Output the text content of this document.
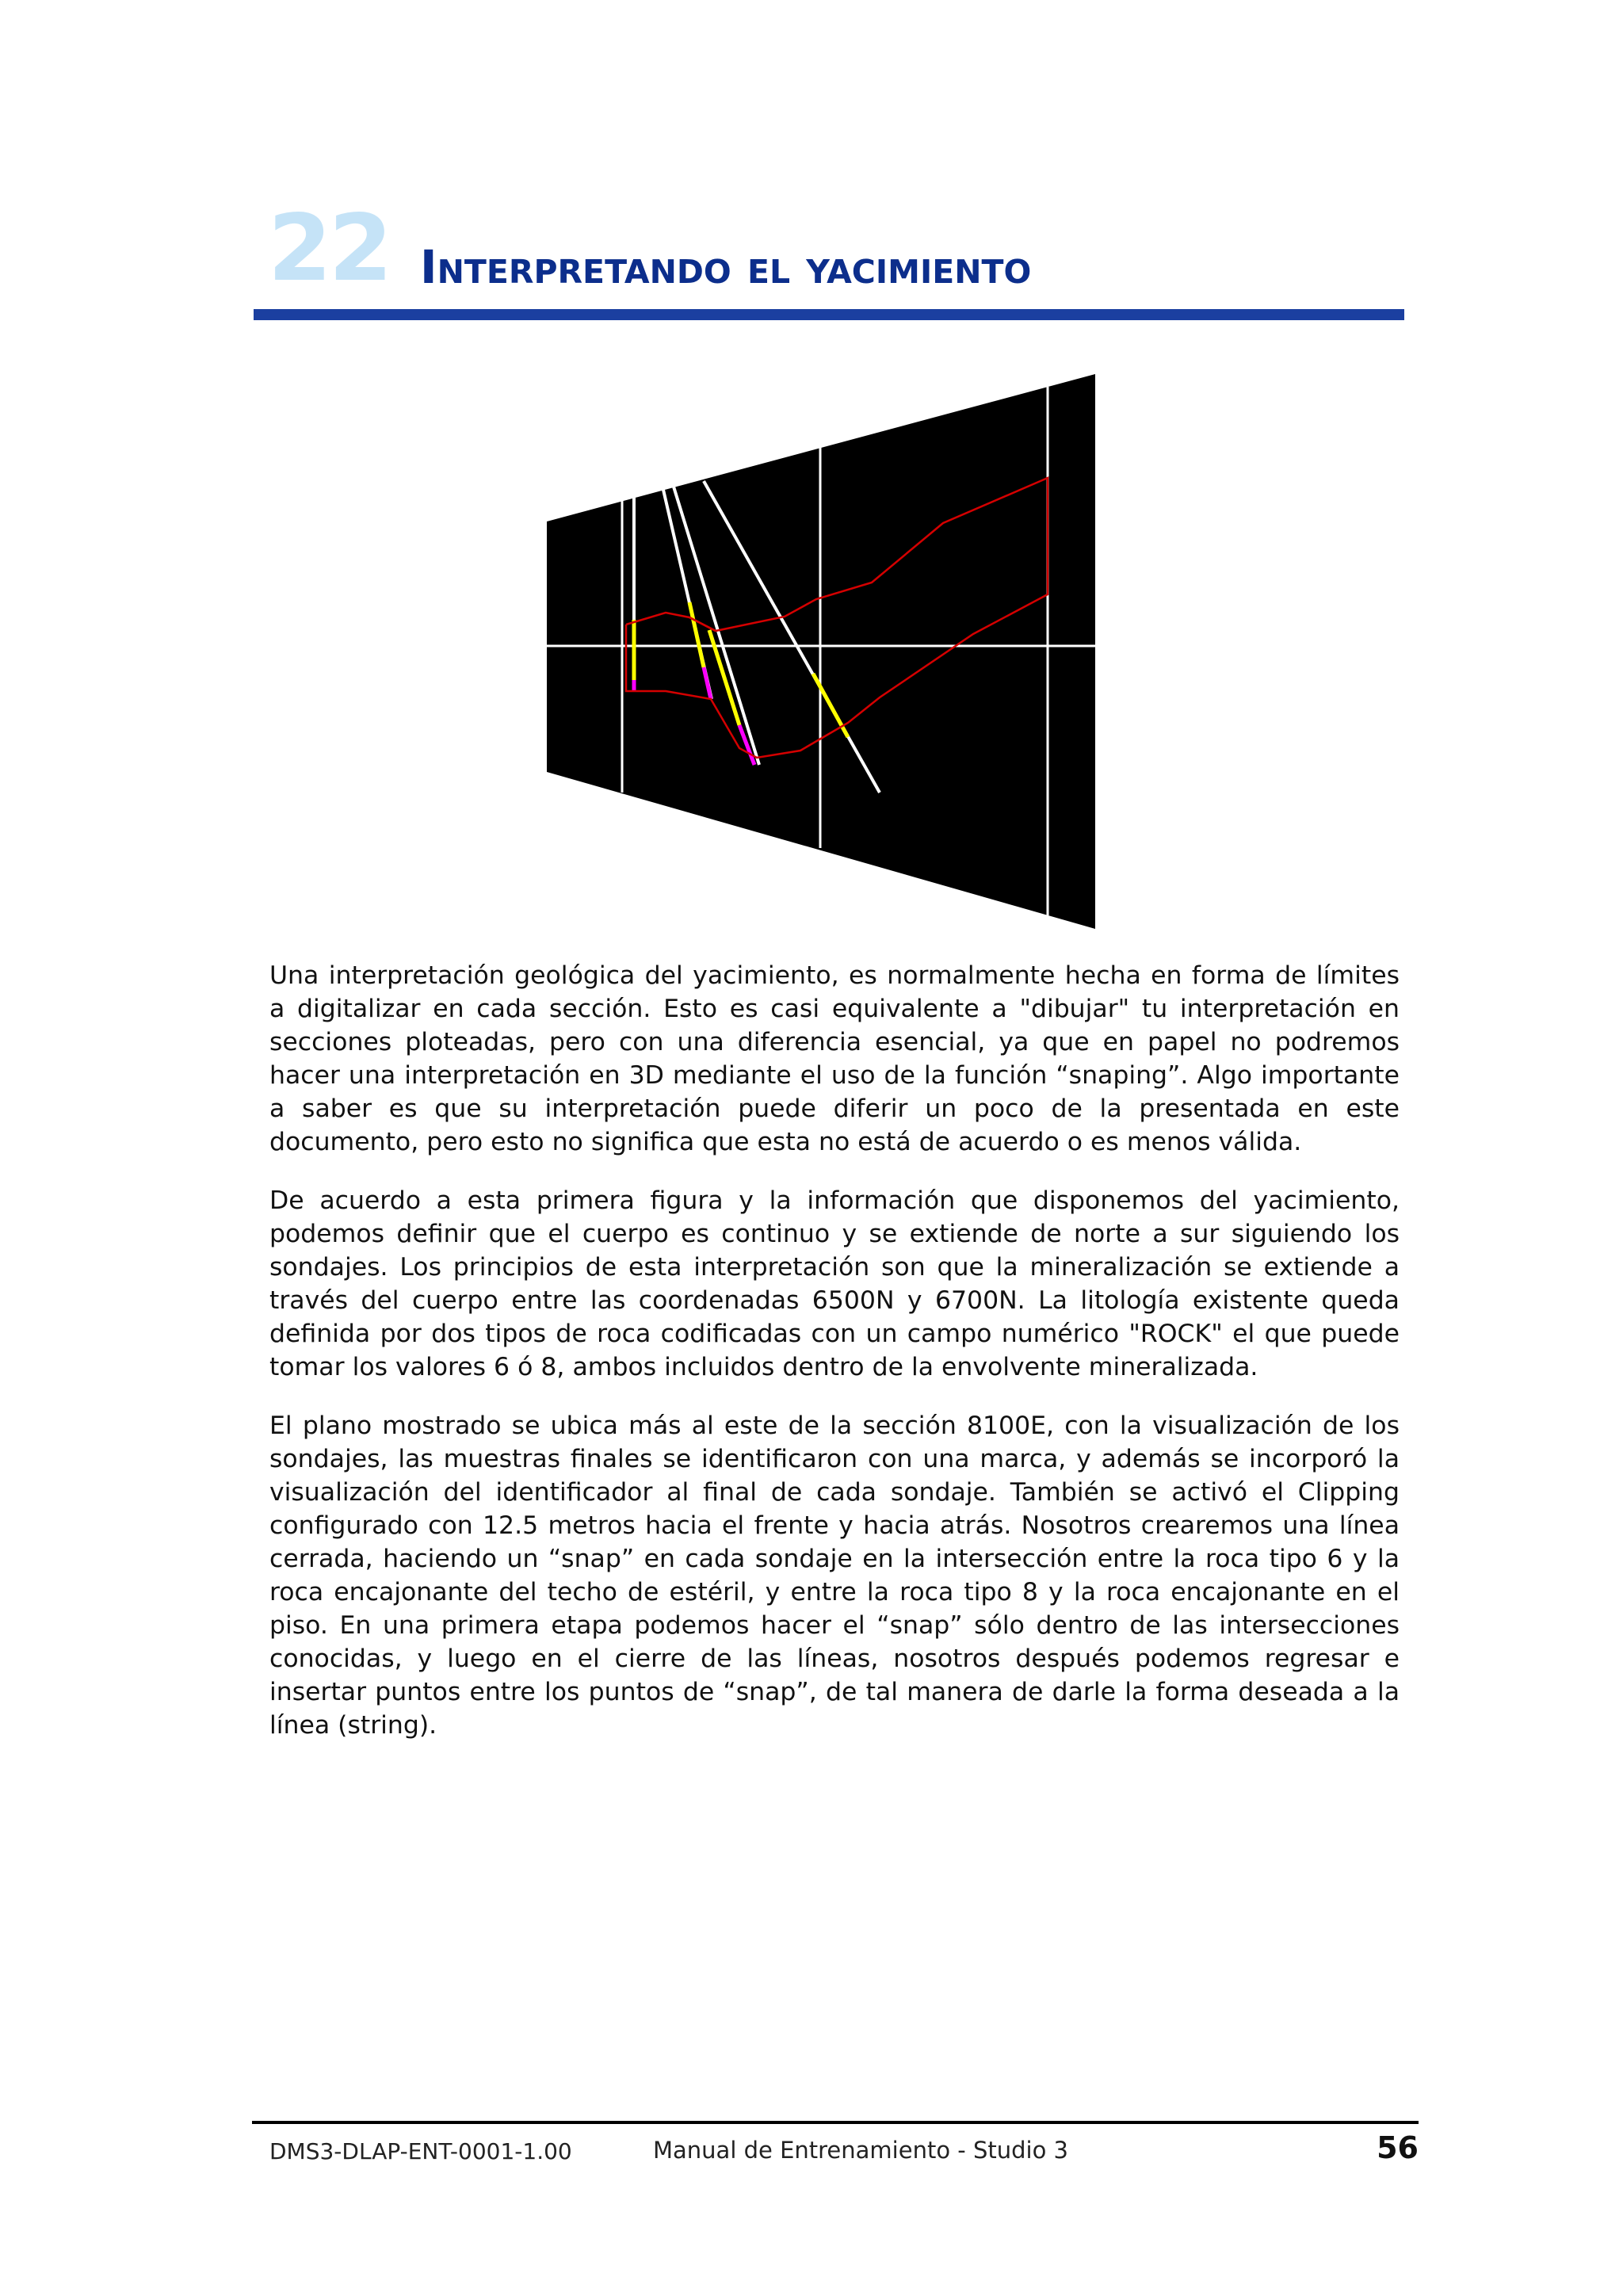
22 Interpretando el yacimiento

Una interpretación geológica del yacimiento, es normalmente hecha en forma de límites a digitalizar en cada sección. Esto es casi equivalente a "dibujar" tu interpretación en secciones ploteadas, pero con una diferencia esencial, ya que en papel no podremos hacer una interpretación en 3D mediante el uso de la función “snaping”. Algo importante a saber es que su interpretación puede diferir un poco de la presentada en este documento, pero esto no significa que esta no está de acuerdo o es menos válida.

De acuerdo a esta primera figura y la información que disponemos del yacimiento, podemos definir que el cuerpo es continuo y se extiende de norte a sur siguiendo los sondajes. Los principios de esta interpretación son que la mineralización se extiende a través del cuerpo entre las coordenadas 6500N y 6700N. La litología existente queda definida por dos tipos de roca codificadas con un campo numérico "ROCK" el que puede tomar los valores 6 ó 8, ambos incluidos dentro de la envolvente mineralizada.

El plano mostrado se ubica más al este de la sección 8100E, con la visualización de los sondajes, las muestras finales se identificaron con una marca, y además se incorporó la visualización del identificador al final de cada sondaje. También se activó el Clipping configurado con 12.5 metros hacia el frente y hacia atrás. Nosotros crearemos una línea cerrada, haciendo un “snap” en cada sondaje en la intersección entre la roca tipo 6 y la roca encajonante del techo de estéril, y entre la roca tipo 8 y la roca encajonante en el piso. En una primera etapa podemos hacer el “snap” sólo dentro de las intersecciones conocidas, y luego en el cierre de las líneas, nosotros después podemos regresar e insertar puntos entre los puntos de “snap”, de tal manera de darle la forma deseada a la línea (string).

DMS3-DLAP-ENT-0001-1.00	Manual de Entrenamiento - Studio 3	56
